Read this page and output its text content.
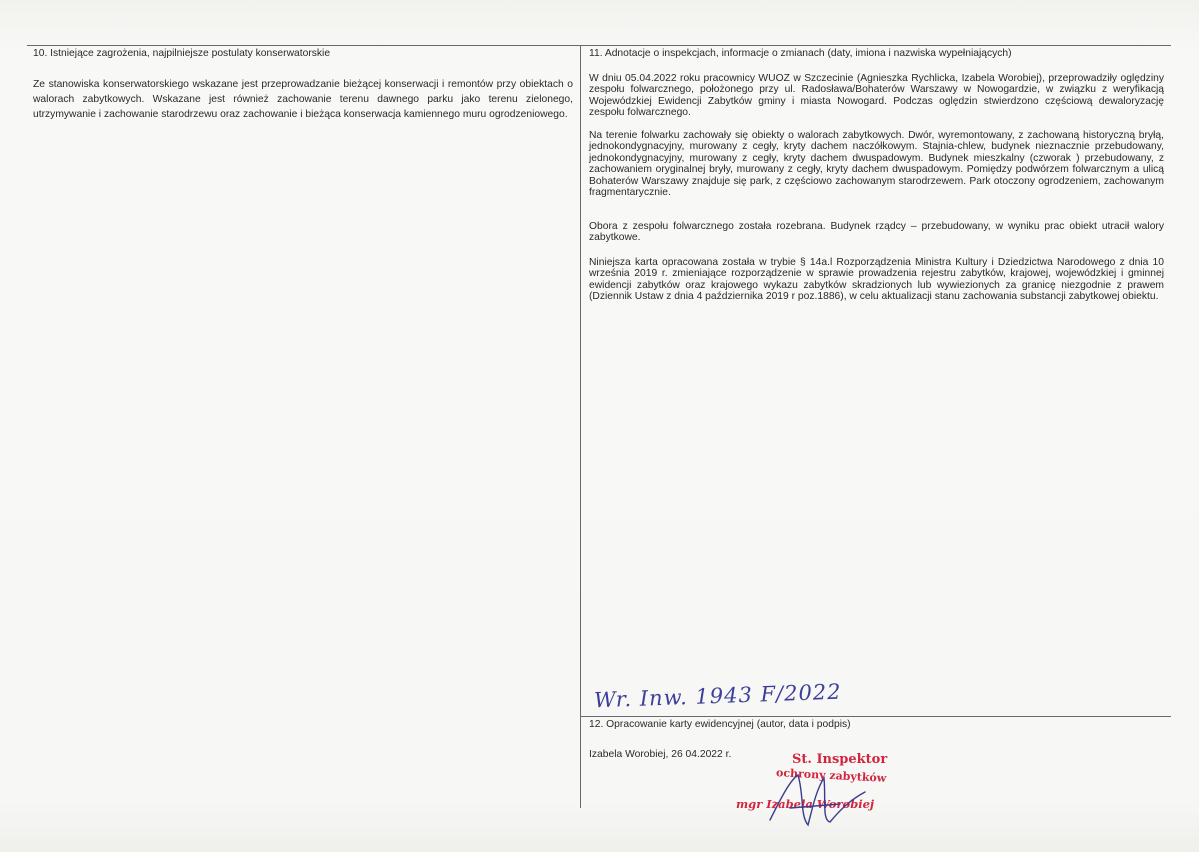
10. Istniejące zagrożenia, najpilniejsze postulaty konserwatorskie

Ze stanowiska konserwatorskiego wskazane jest przeprowadzanie bieżącej konserwacji i remontów przy obiektach o walorach zabytkowych. Wskazane jest również zachowanie terenu dawnego parku jako terenu zielonego, utrzymywanie i zachowanie starodrzewu oraz zachowanie i bieżąca konserwacja kamiennego muru ogrodzeniowego.

11. Adnotacje o inspekcjach, informacje o zmianach (daty, imiona i nazwiska wypełniających)

W dniu 05.04.2022 roku pracownicy WUOZ w Szczecinie (Agnieszka Rychlicka, Izabela Worobiej), przeprowadziły oględziny zespołu folwarcznego, położonego przy ul. Radosława/Bohaterów Warszawy w Nowogardzie, w związku z weryfikacją Wojewódzkiej Ewidencji Zabytków gminy i miasta Nowogard. Podczas oględzin stwierdzono częściową dewaloryzację zespołu folwarcznego.

Na terenie folwarku zachowały się obiekty o walorach zabytkowych. Dwór, wyremontowany, z zachowaną historyczną bryłą, jednokondygnacyjny, murowany z cegły, kryty dachem naczółkowym. Stajnia-chlew, budynek nieznacznie przebudowany, jednokondygnacyjny, murowany z cegły, kryty dachem dwuspadowym. Budynek mieszkalny (czworak ) przebudowany, z zachowaniem oryginalnej bryły, murowany z cegły, kryty dachem dwuspadowym. Pomiędzy podwórzem folwarcznym a ulicą Bohaterów Warszawy znajduje się park, z częściowo zachowanym starodrzewem. Park otoczony ogrodzeniem, zachowanym fragmentarycznie.

Obora z zespołu folwarcznego została rozebrana. Budynek rządcy – przebudowany, w wyniku prac obiekt utracił walory zabytkowe.

Niniejsza karta opracowana została w trybie § 14a.l Rozporządzenia Ministra Kultury i Dziedzictwa Narodowego z dnia 10 września 2019 r. zmieniające rozporządzenie w sprawie prowadzenia rejestru zabytków, krajowej, wojewódzkiej i gminnej ewidencji zabytków oraz krajowego wykazu zabytków skradzionych lub wywiezionych za granicę niezgodnie z prawem (Dziennik Ustaw z dnia 4 października 2019 r poz.1886), w celu aktualizacji stanu zachowania substancji zabytkowej obiektu.

Wr. Inw. 1943 F/2022
12. Opracowanie karty ewidencyjnej (autor, data i podpis)
Izabela Worobiej, 26 04.2022 r.	St. Inspektor
ochrony zabytków
mgr Izabela Worobiej
